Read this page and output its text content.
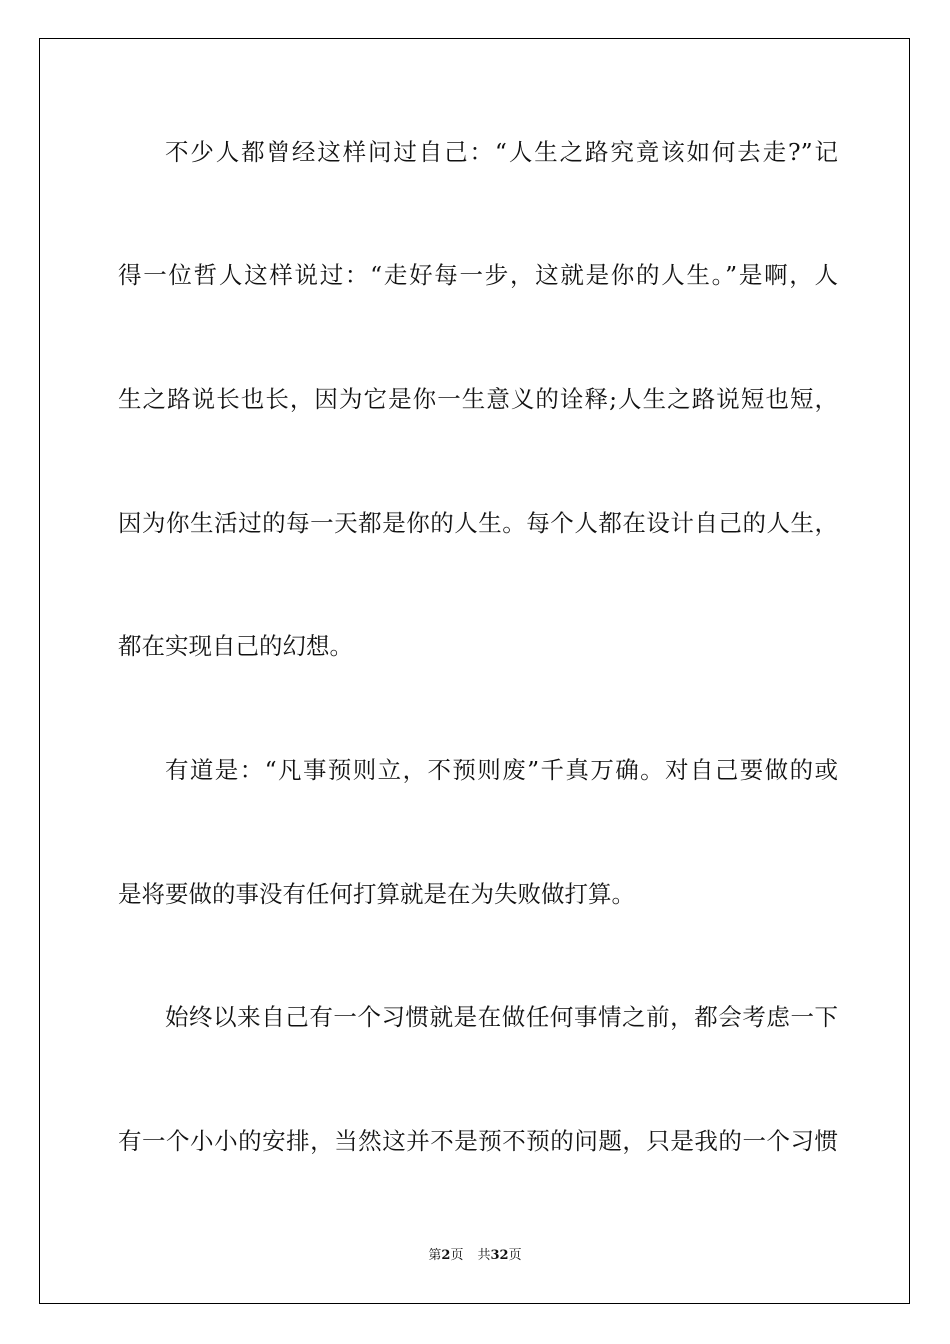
不少人都曾经这样问过自己：“人生之路究竟该如何去走?”记
得一位哲人这样说过：“走好每一步，这就是你的人生。”是啊，人
生之路说长也长，因为它是你一生意义的诠释;人生之路说短也短，
因为你生活过的每一天都是你的人生。每个人都在设计自己的人生，
都在实现自己的幻想。
有道是：“凡事预则立，不预则废”千真万确。对自己要做的或
是将要做的事没有任何打算就是在为失败做打算。
始终以来自己有一个习惯就是在做任何事情之前，都会考虑一下
有一个小小的安排，当然这并不是预不预的问题，只是我的一个习惯
第2页 共32页
